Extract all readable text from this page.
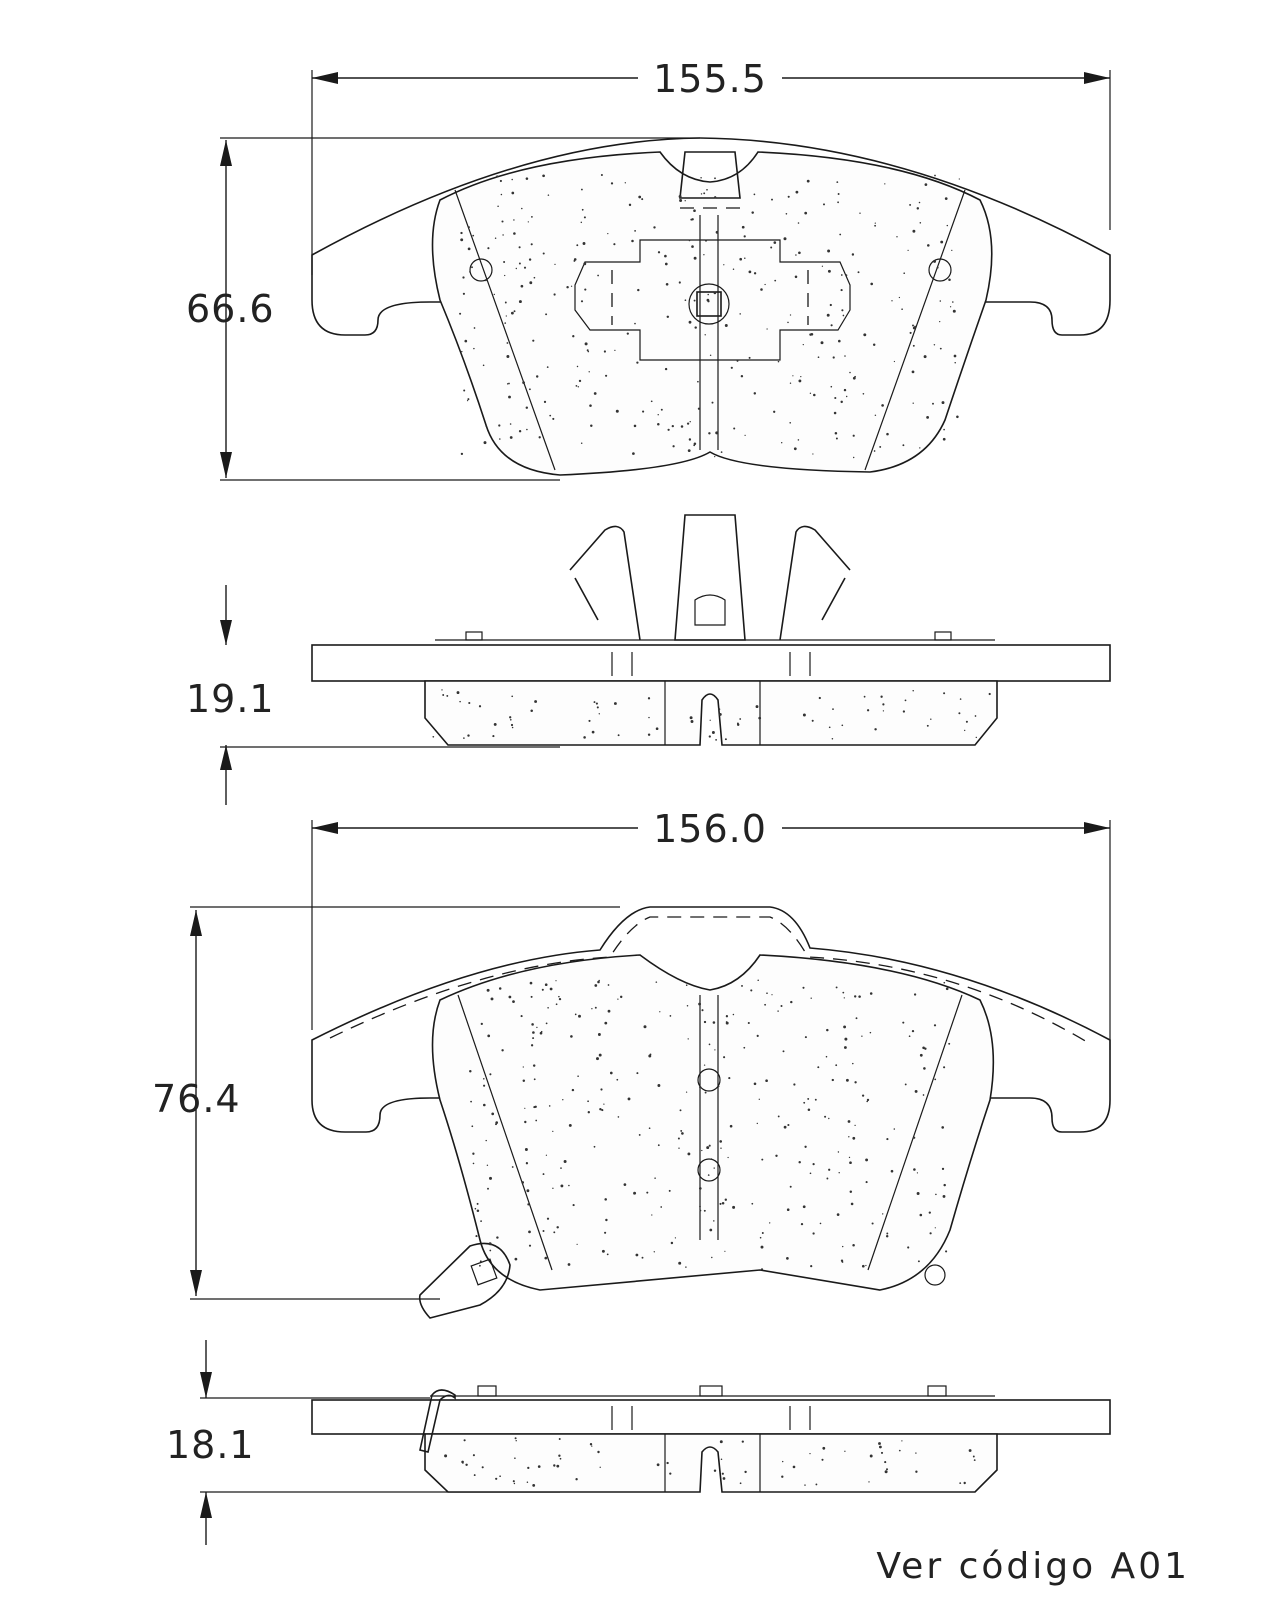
155.5
66.6
19.1
156.0
76.4
18.1
Ver código A01
